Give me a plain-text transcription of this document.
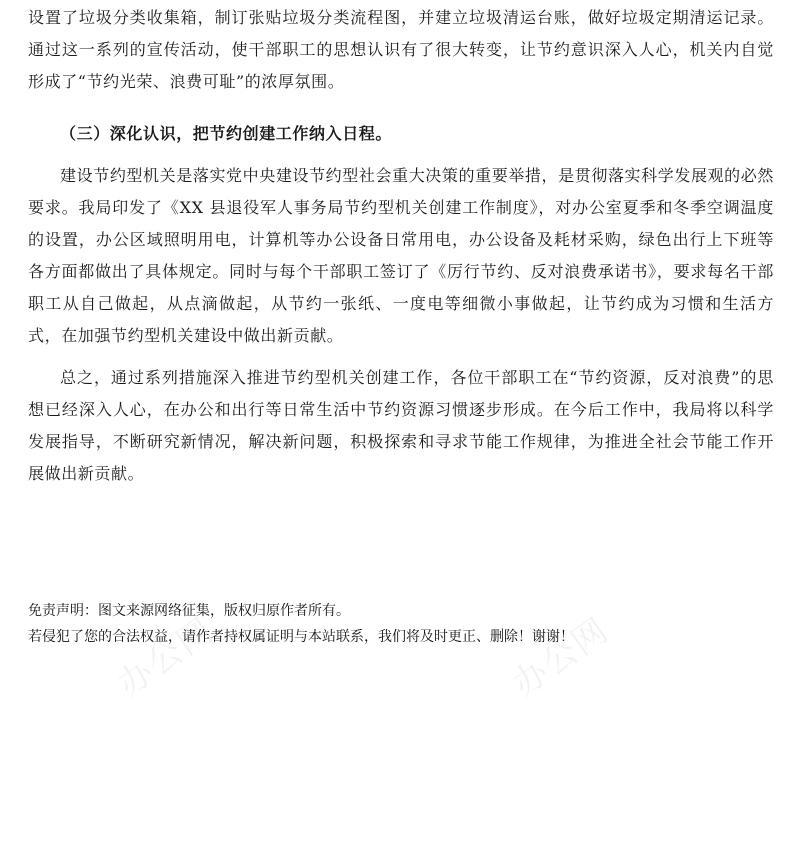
设置了垃圾分类收集箱，制订张贴垃圾分类流程图，并建立垃圾清运台账，做好垃圾定期清运记录。通过这一系列的宣传活动，使干部职工的思想认识有了很大转变，让节约意识深入人心，机关内自觉形成了“节约光荣、浪费可耻”的浓厚氛围。

（三）深化认识，把节约创建工作纳入日程。

建设节约型机关是落实党中央建设节约型社会重大决策的重要举措，是贯彻落实科学发展观的必然要求。我局印发了《XX 县退役军人事务局节约型机关创建工作制度》，对办公室夏季和冬季空调温度的设置，办公区域照明用电，计算机等办公设备日常用电，办公设备及耗材采购，绿色出行上下班等各方面都做出了具体规定。同时与每个干部职工签订了《厉行节约、反对浪费承诺书》，要求每名干部职工从自己做起，从点滴做起，从节约一张纸、一度电等细微小事做起，让节约成为习惯和生活方式，在加强节约型机关建设中做出新贡献。

总之，通过系列措施深入推进节约型机关创建工作，各位干部职工在“节约资源，反对浪费”的思想已经深入人心，在办公和出行等日常生活中节约资源习惯逐步形成。在今后工作中，我局将以科学发展指导，不断研究新情况，解决新问题，积极探索和寻求节能工作规律，为推进全社会节能工作开展做出新贡献。

免责声明：图文来源网络征集，版权归原作者所有。
若侵犯了您的合法权益，请作者持权属证明与本站联系，我们将及时更正、删除！谢谢！
办公网	办公网
